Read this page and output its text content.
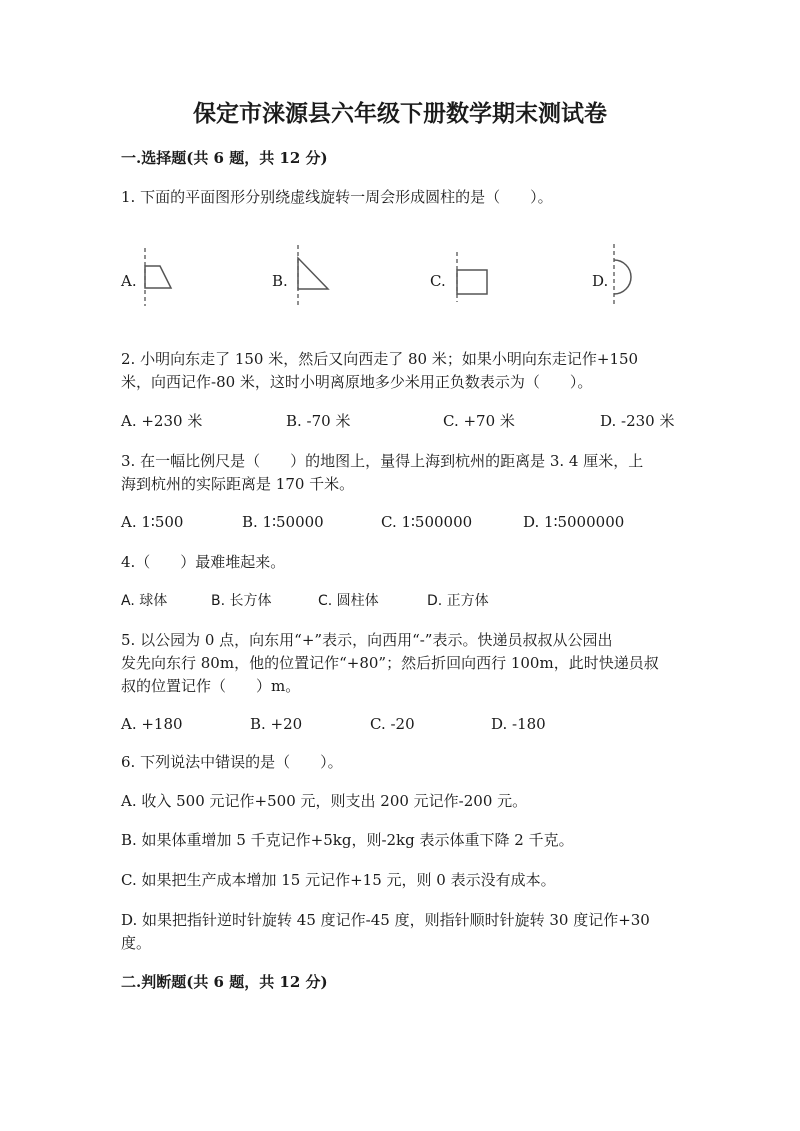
保定市涞源县六年级下册数学期末测试卷
一.选择题(共 6 题，共 12 分)
1. 下面的平面图形分别绕虚线旋转一周会形成圆柱的是（　　）。
A.	B.	C.	D.
2. 小明向东走了 150 米，然后又向西走了 80 米；如果小明向东走记作+150
米，向西记作-80 米，这时小明离原地多少米用正负数表示为（　　）。
A. +230 米	B. -70 米	C. +70 米	D. -230 米
3. 在一幅比例尺是（　　）的地图上，量得上海到杭州的距离是 3. 4 厘米，上
海到杭州的实际距离是 170 千米。
A. 1∶500	B. 1∶50000	C. 1∶500000	D. 1∶5000000
4.（　　）最难堆起来。
A. 球体	B. 长方体	C. 圆柱体	D. 正方体
5. 以公园为 0 点，向东用“+”表示，向西用“-”表示。快递员叔叔从公园出
发先向东行 80m，他的位置记作“+80”；然后折回向西行 100m，此时快递员叔
叔的位置记作（　　）m。
A. +180	B. +20	C. -20	D. -180
6. 下列说法中错误的是（　　）。
A. 收入 500 元记作+500 元，则支出 200 元记作-200 元。
B. 如果体重增加 5 千克记作+5kg，则-2kg 表示体重下降 2 千克。
C. 如果把生产成本增加 15 元记作+15 元，则 0 表示没有成本。
D. 如果把指针逆时针旋转 45 度记作-45 度，则指针顺时针旋转 30 度记作+30
度。
二.判断题(共 6 题，共 12 分)
